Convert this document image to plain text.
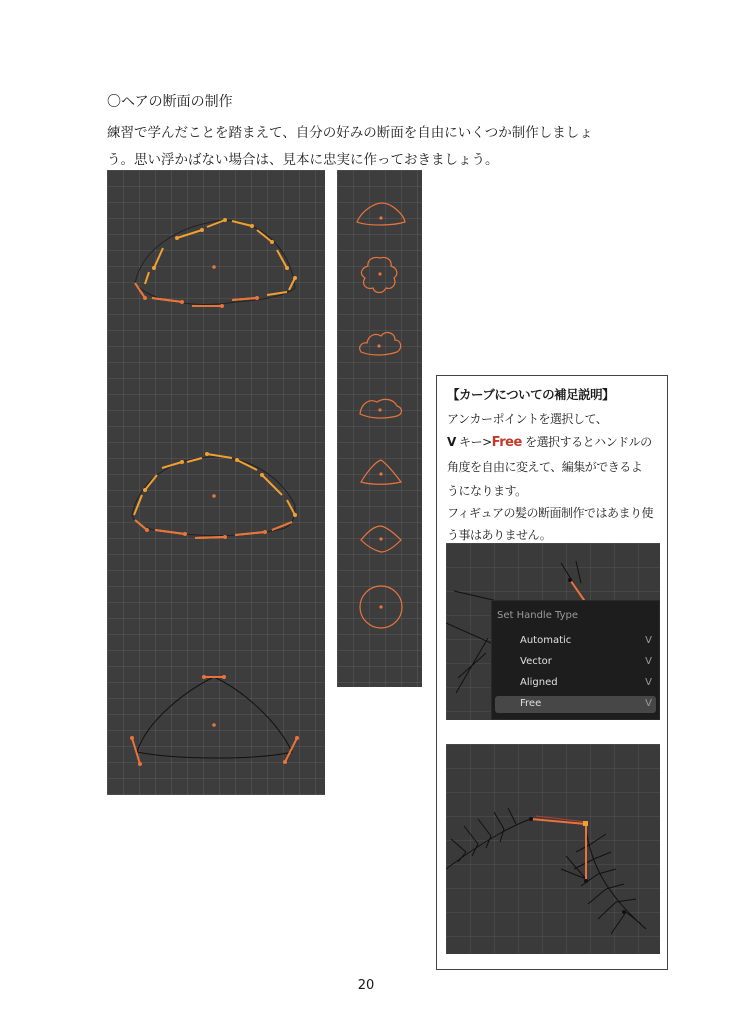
〇ヘアの断面の制作
練習で学んだことを踏まえて、自分の好みの断面を自由にいくつか制作しましょ
う。思い浮かばない場合は、見本に忠実に作っておきましょう。
【カーブについての補足説明】
アンカーポイントを選択して、
V キー>Free を選択するとハンドルの
角度を自由に変えて、編集ができるよ
うになります。
フィギュアの髪の断面制作ではあまり使
う事はありません。
Set Handle Type
Automatic	V
Vector	V
Aligned	V
Free	V
20
